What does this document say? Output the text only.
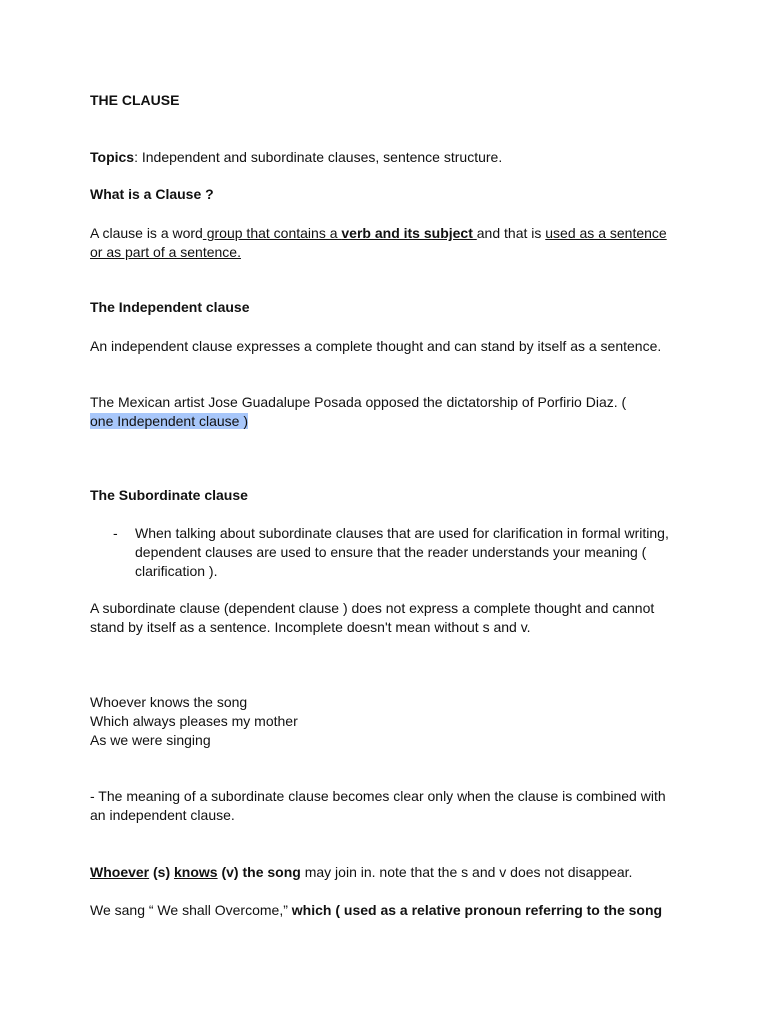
THE CLAUSE
Topics: Independent and subordinate clauses, sentence structure.
What is a Clause ?
A clause is a word group that contains a verb and its subject and that is used as a sentence or as part of a sentence.
The Independent clause
An independent clause expresses a complete thought and can stand by itself as a sentence.
The Mexican artist Jose Guadalupe Posada opposed the dictatorship of Porfirio Diaz. ( one Independent clause )
The Subordinate clause
-	When talking about subordinate clauses that are used for clarification in formal writing, dependent clauses are used to ensure that the reader understands your meaning ( clarification ).
A subordinate clause (dependent clause ) does not express a complete thought and cannot stand by itself as a sentence. Incomplete doesn't mean without s and v.
Whoever knows the song
Which always pleases my mother
As we were singing
- The meaning of a subordinate clause becomes clear only when the clause is combined with an independent clause.
Whoever (s) knows (v) the song may join in. note that the s and v does not disappear.
We sang “ We shall Overcome,” which ( used as a relative pronoun referring to the song
